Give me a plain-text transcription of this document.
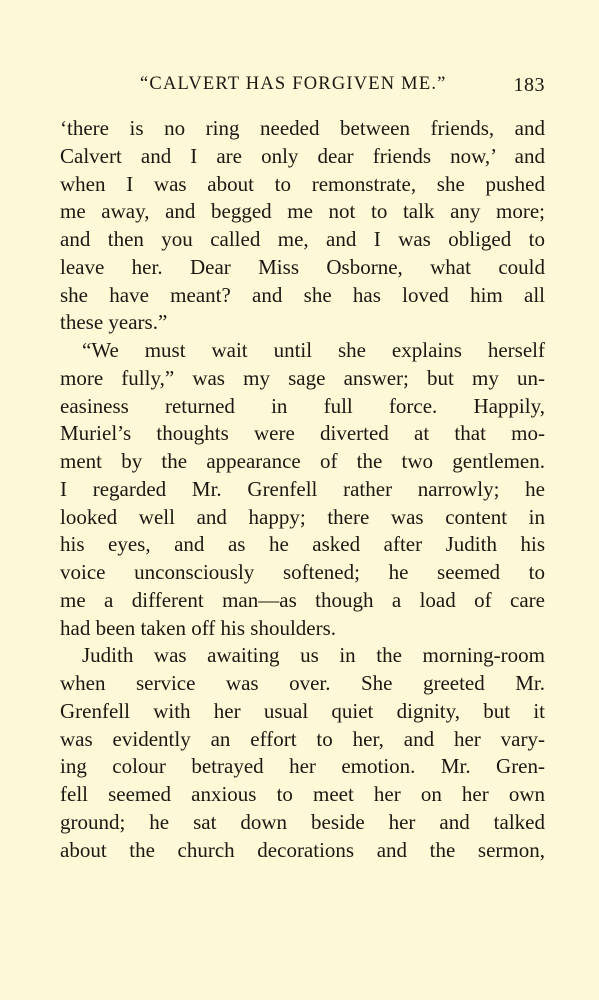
“CALVERT HAS FORGIVEN ME.”	183
‘there is no ring needed between friends, and
Calvert and I are only dear friends now,’ and
when I was about to remonstrate, she pushed
me away, and begged me not to talk any more;
and then you called me, and I was obliged to
leave her. Dear Miss Osborne, what could
she have meant? and she has loved him all
these years.”
“We must wait until she explains herself
more fully,” was my sage answer; but my un-
easiness returned in full force. Happily,
Muriel’s thoughts were diverted at that mo-
ment by the appearance of the two gentlemen.
I regarded Mr. Grenfell rather narrowly; he
looked well and happy; there was content in
his eyes, and as he asked after Judith his
voice unconsciously softened; he seemed to
me a different man—as though a load of care
had been taken off his shoulders.
Judith was awaiting us in the morning-room
when service was over. She greeted Mr.
Grenfell with her usual quiet dignity, but it
was evidently an effort to her, and her vary-
ing colour betrayed her emotion. Mr. Gren-
fell seemed anxious to meet her on her own
ground; he sat down beside her and talked
about the church decorations and the sermon,
